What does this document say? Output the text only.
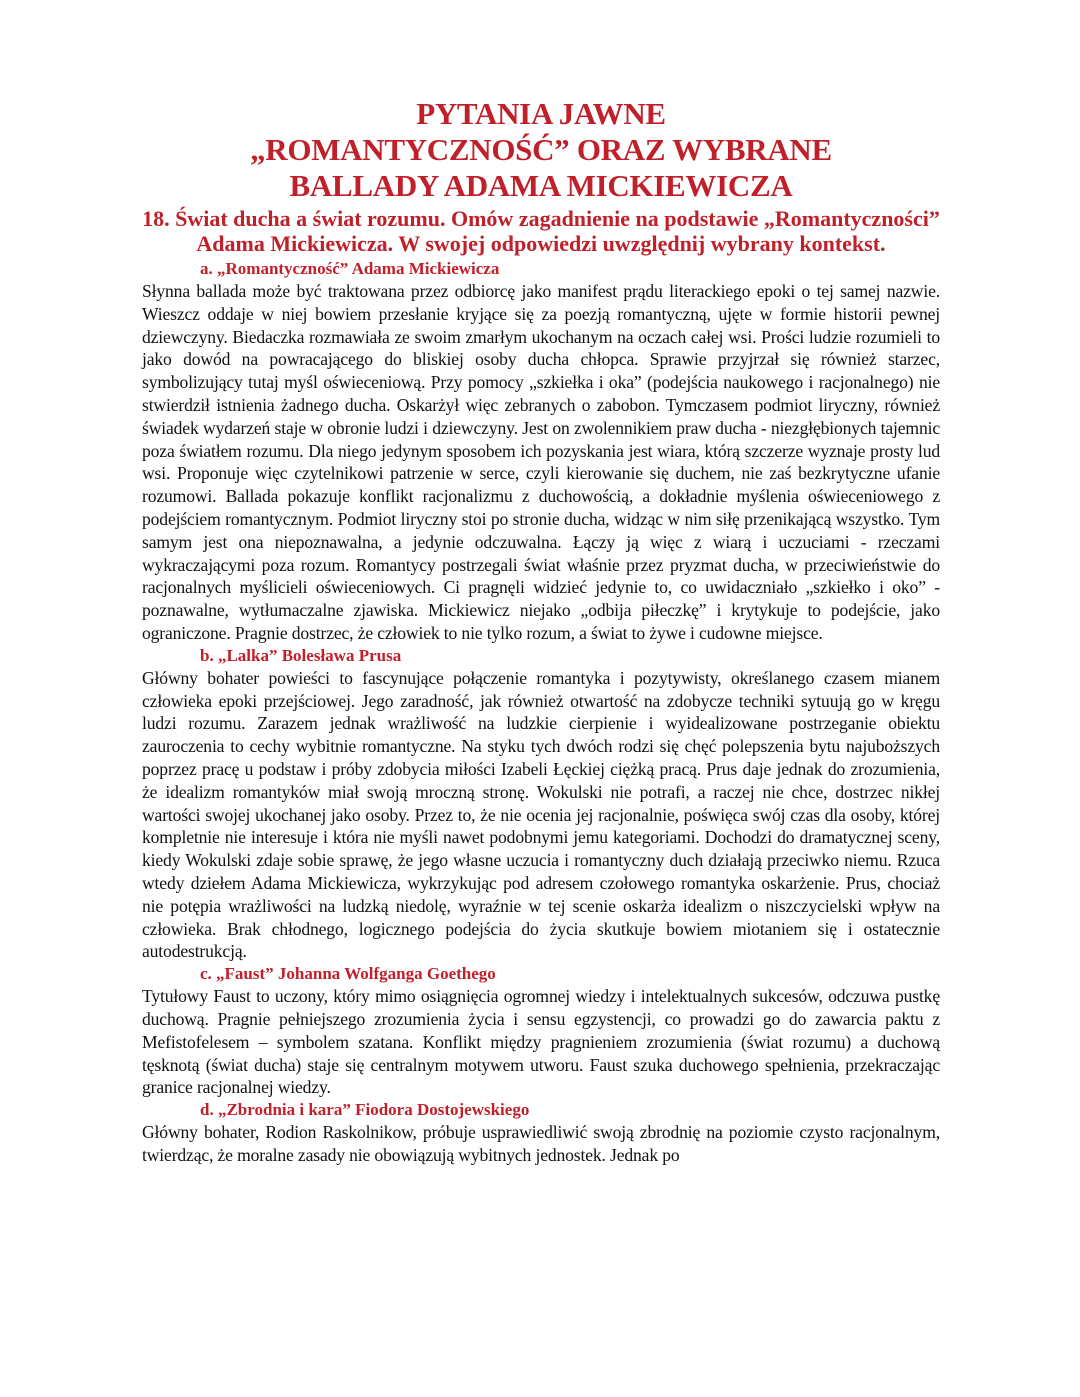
PYTANIA JAWNE
„ROMANTYCZNOŚĆ” ORAZ WYBRANE
BALLADY ADAMA MICKIEWICZA
18. Świat ducha a świat rozumu. Omów zagadnienie na podstawie „Romantyczności” Adama Mickiewicza. W swojej odpowiedzi uwzględnij wybrany kontekst.
a. „Romantyczność” Adama Mickiewicza

Słynna ballada może być traktowana przez odbiorcę jako manifest prądu literackiego epoki o tej samej nazwie. Wieszcz oddaje w niej bowiem przesłanie kryjące się za poezją romantyczną, ujęte w formie historii pewnej dziewczyny. Biedaczka rozmawiała ze swoim zmarłym ukochanym na oczach całej wsi. Prości ludzie rozumieli to jako dowód na powracającego do bliskiej osoby ducha chłopca. Sprawie przyjrzał się również starzec, symbolizujący tutaj myśl oświeceniową. Przy pomocy „szkiełka i oka” (podejścia naukowego i racjonalnego) nie stwierdził istnienia żadnego ducha. Oskarżył więc zebranych o zabobon. Tymczasem podmiot liryczny, również świadek wydarzeń staje w obronie ludzi i dziewczyny. Jest on zwolennikiem praw ducha - niezgłębionych tajemnic poza światłem rozumu. Dla niego jedynym sposobem ich pozyskania jest wiara, którą szczerze wyznaje prosty lud wsi. Proponuje więc czytelnikowi patrzenie w serce, czyli kierowanie się duchem, nie zaś bezkrytyczne ufanie rozumowi. Ballada pokazuje konflikt racjonalizmu z duchowością, a dokładnie myślenia oświeceniowego z podejściem romantycznym. Podmiot liryczny stoi po stronie ducha, widząc w nim siłę przenikającą wszystko. Tym samym jest ona niepoznawalna, a jedynie odczuwalna. Łączy ją więc z wiarą i uczuciami - rzeczami wykraczającymi poza rozum. Romantycy postrzegali świat właśnie przez pryzmat ducha, w przeciwieństwie do racjonalnych myślicieli oświeceniowych. Ci pragnęli widzieć jedynie to, co uwidaczniało „szkiełko i oko” - poznawalne, wytłumaczalne zjawiska. Mickiewicz niejako „odbija piłeczkę” i krytykuje to podejście, jako ograniczone. Pragnie dostrzec, że człowiek to nie tylko rozum, a świat to żywe i cudowne miejsce.

b. „Lalka” Bolesława Prusa

Główny bohater powieści to fascynujące połączenie romantyka i pozytywisty, określanego czasem mianem człowieka epoki przejściowej. Jego zaradność, jak również otwartość na zdobycze techniki sytuują go w kręgu ludzi rozumu. Zarazem jednak wrażliwość na ludzkie cierpienie i wyidealizowane postrzeganie obiektu zauroczenia to cechy wybitnie romantyczne. Na styku tych dwóch rodzi się chęć polepszenia bytu najuboższych poprzez pracę u podstaw i próby zdobycia miłości Izabeli Łęckiej ciężką pracą. Prus daje jednak do zrozumienia, że idealizm romantyków miał swoją mroczną stronę. Wokulski nie potrafi, a raczej nie chce, dostrzec nikłej wartości swojej ukochanej jako osoby. Przez to, że nie ocenia jej racjonalnie, poświęca swój czas dla osoby, której kompletnie nie interesuje i która nie myśli nawet podobnymi jemu kategoriami. Dochodzi do dramatycznej sceny, kiedy Wokulski zdaje sobie sprawę, że jego własne uczucia i romantyczny duch działają przeciwko niemu. Rzuca wtedy dziełem Adama Mickiewicza, wykrzykując pod adresem czołowego romantyka oskarżenie. Prus, chociaż nie potępia wrażliwości na ludzką niedolę, wyraźnie w tej scenie oskarża idealizm o niszczycielski wpływ na człowieka. Brak chłodnego, logicznego podejścia do życia skutkuje bowiem miotaniem się i ostatecznie autodestrukcją.

c. „Faust” Johanna Wolfganga Goethego

Tytułowy Faust to uczony, który mimo osiągnięcia ogromnej wiedzy i intelektualnych sukcesów, odczuwa pustkę duchową. Pragnie pełniejszego zrozumienia życia i sensu egzystencji, co prowadzi go do zawarcia paktu z Mefistofelesem – symbolem szatana. Konflikt między pragnieniem zrozumienia (świat rozumu) a duchową tęsknotą (świat ducha) staje się centralnym motywem utworu. Faust szuka duchowego spełnienia, przekraczając granice racjonalnej wiedzy.

d. „Zbrodnia i kara” Fiodora Dostojewskiego

Główny bohater, Rodion Raskolnikow, próbuje usprawiedliwić swoją zbrodnię na poziomie czysto racjonalnym, twierdząc, że moralne zasady nie obowiązują wybitnych jednostek. Jednak po
